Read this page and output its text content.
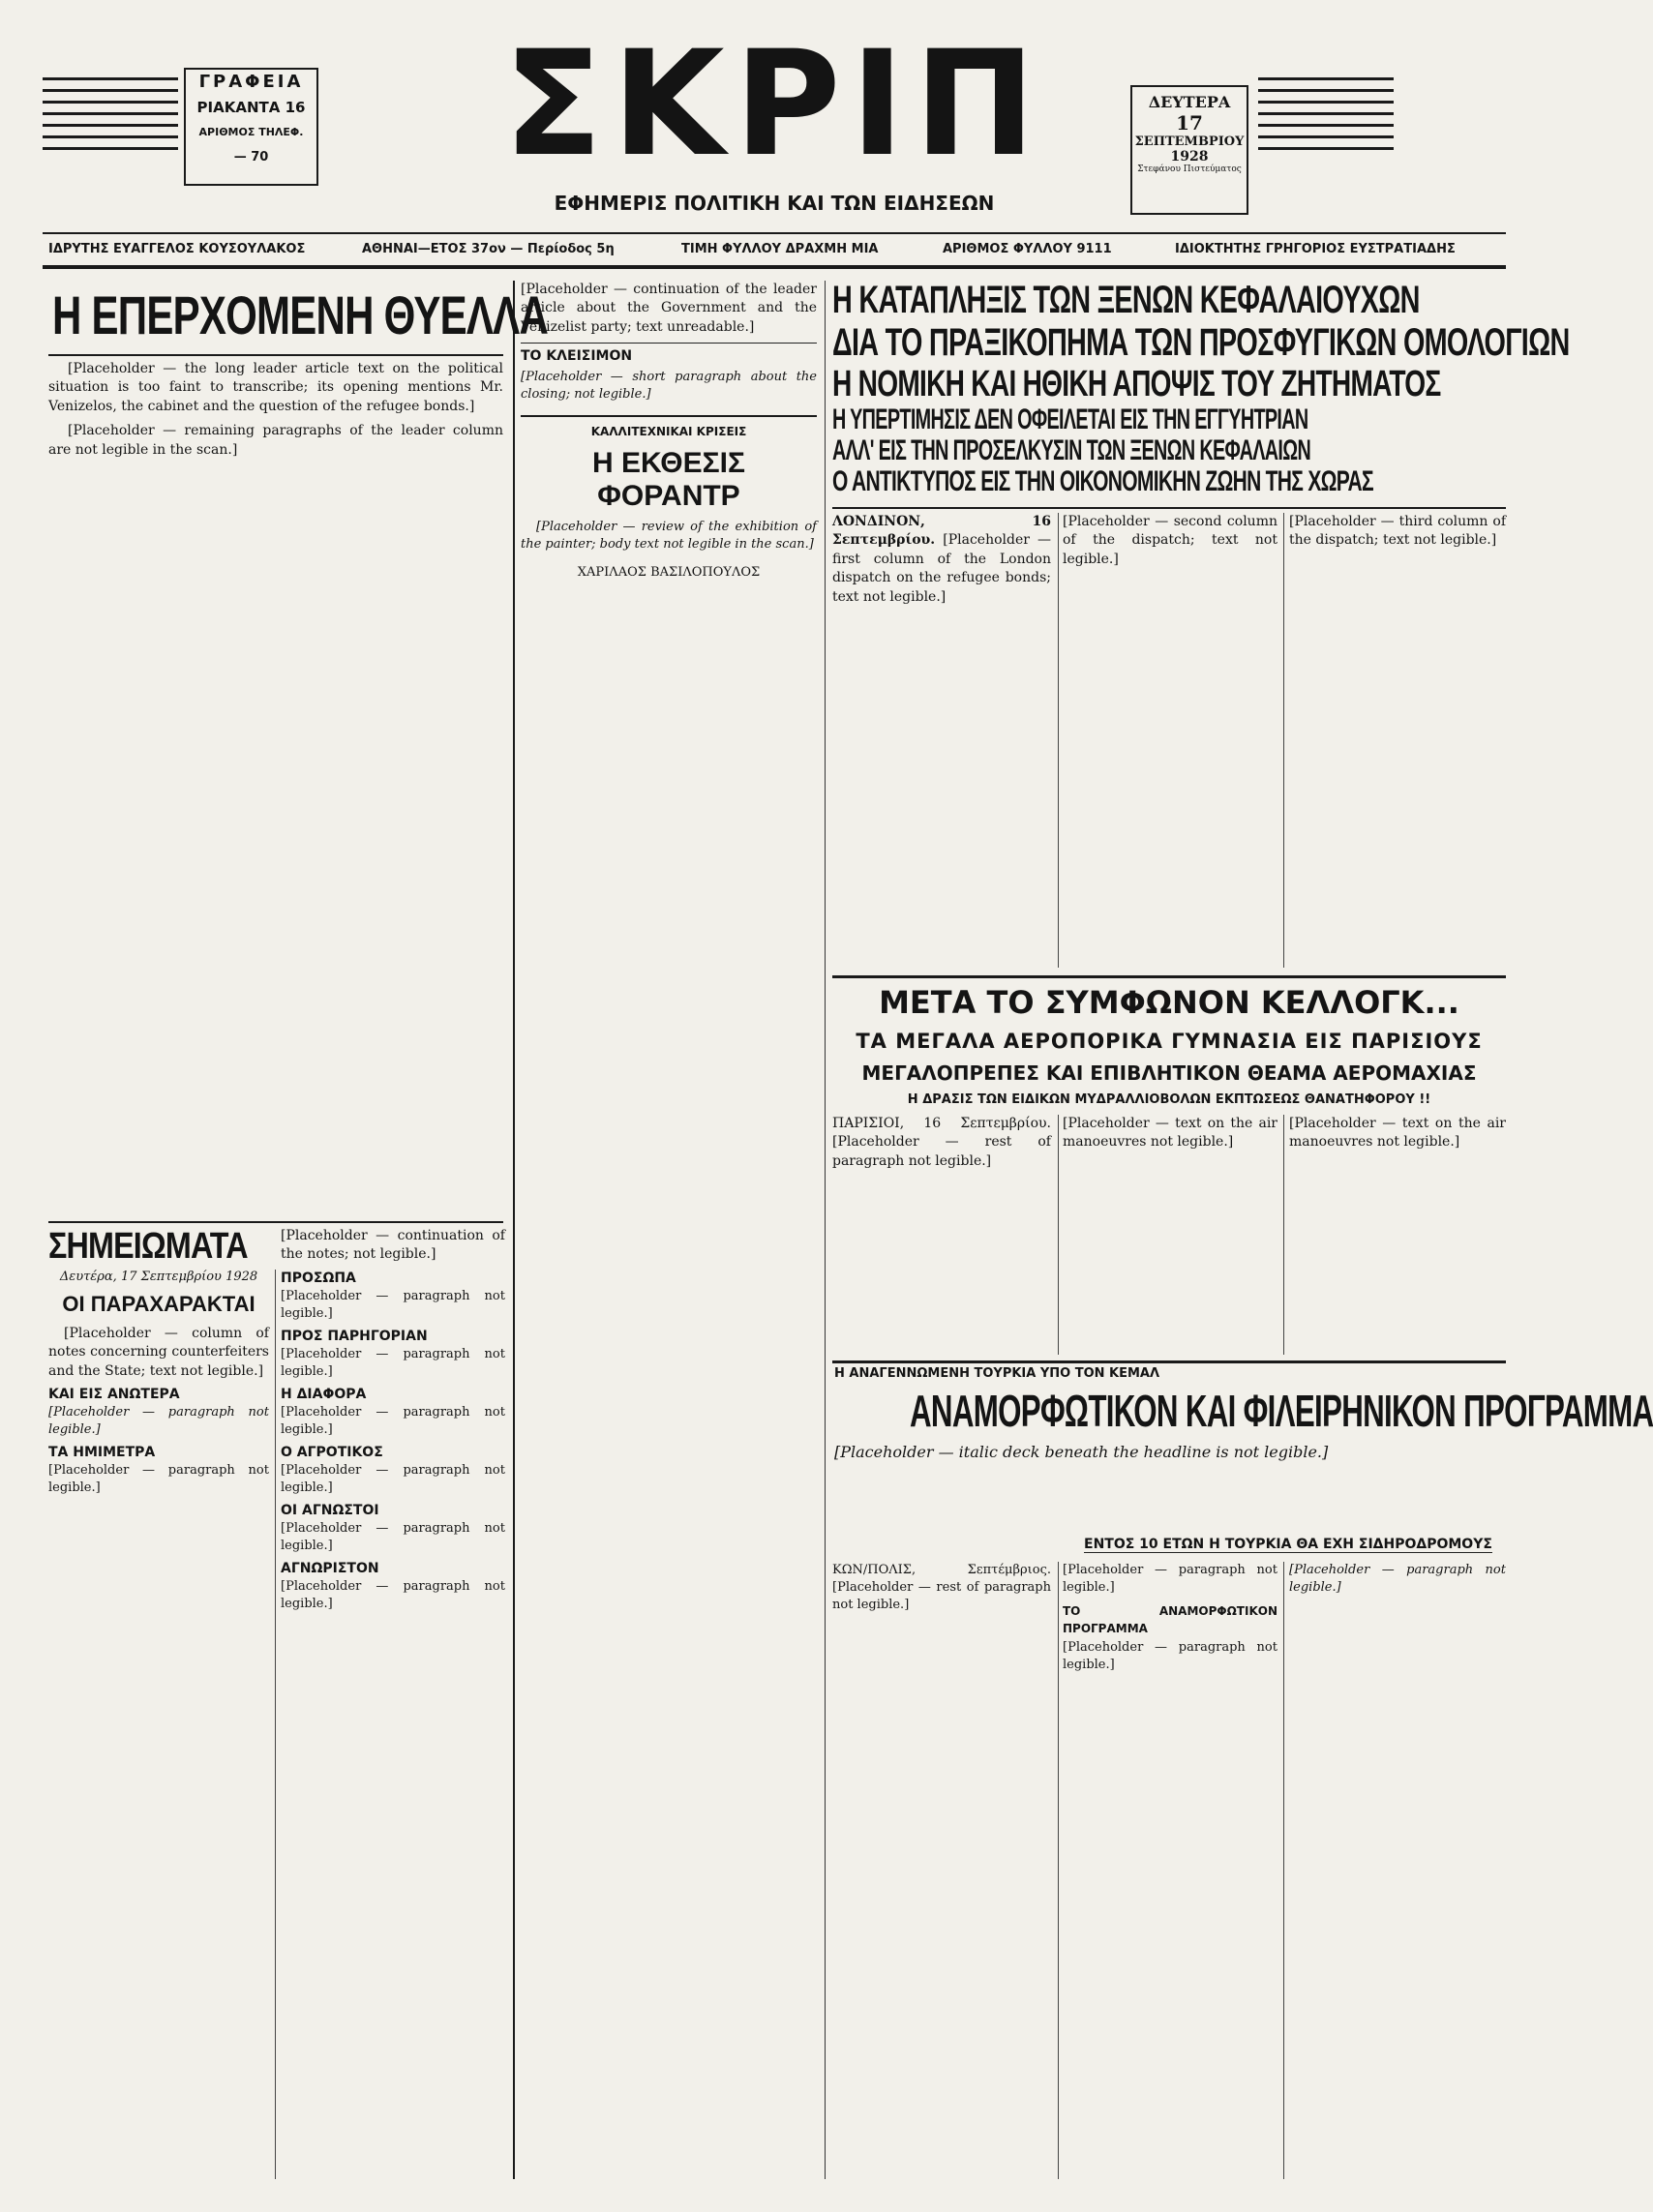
ΓΡΑΦΕΙΑ
ΡΙΑΚΑΝΤΑ 16
ΑΡΙΘΜΟΣ ΤΗΛΕΦ.
— 70	ΣΚΡΙΠ
ΕΦΗΜΕΡΙΣ ΠΟΛΙΤΙΚΗ ΚΑΙ ΤΩΝ ΕΙΔΗΣΕΩΝ
ΔΕΥΤΕΡΑ
17
ΣΕΠΤΕΜΒΡΙΟΥ
1928
Στεφάνου Πιστεύματος
ΙΔΡΥΤΗΣ ΕΥΑΓΓΕΛΟΣ ΚΟΥΣΟΥΛΑΚΟΣ	ΑΘΗΝΑΙ—ΕΤΟΣ 37ον — Περίοδος 5η	ΤΙΜΗ ΦΥΛΛΟΥ ΔΡΑΧΜΗ ΜΙΑ	ΑΡΙΘΜΟΣ ΦΥΛΛΟΥ 9111	ΙΔΙΟΚΤΗΤΗΣ ΓΡΗΓΟΡΙΟΣ ΕΥΣΤΡΑΤΙΑΔΗΣ
Η ΕΠΕΡΧΟΜΕΝΗ ΘΥΕΛΛΑ

[Placeholder — the long leader article text on the political situation is too faint to transcribe; its opening mentions Mr. Venizelos, the cabinet and the question of the refugee bonds.]

[Placeholder — remaining paragraphs of the leader column are not legible in the scan.]

ΣΗΜΕΙΩΜΑΤΑ
Δευτέρα, 17 Σεπτεμβρίου 1928
ΟΙ ΠΑΡΑΧΑΡΑΚΤΑΙ

[Placeholder — column of notes concerning counterfeiters and the State; text not legible.]

ΚΑΙ ΕΙΣ ΑΝΩΤΕΡΑ

[Placeholder — paragraph not legible.]

ΤΑ ΗΜΙΜΕΤΡΑ

[Placeholder — paragraph not legible.]

[Placeholder — continuation of the notes; not legible.]

ΠΡΟΣΩΠΑ

[Placeholder — paragraph not legible.]

ΠΡΟΣ ΠΑΡΗΓΟΡΙΑΝ

[Placeholder — paragraph not legible.]

Η ΔΙΑΦΟΡΑ

[Placeholder — paragraph not legible.]

Ο ΑΓΡΟΤΙΚΟΣ

[Placeholder — paragraph not legible.]

ΟΙ ΑΓΝΩΣΤΟΙ

[Placeholder — paragraph not legible.]

ΑΓΝΩΡΙΣΤΟΝ

[Placeholder — paragraph not legible.]

[Placeholder — continuation of the leader article about the Government and the Venizelist party; text unreadable.]

ΤΟ ΚΛΕΙΣΙΜΟΝ

[Placeholder — short paragraph about the closing; not legible.]

ΚΑΛΛΙΤΕΧΝΙΚΑΙ ΚΡΙΣΕΙΣ
Η ΕΚΘΕΣΙΣ ΦΟΡΑΝΤΡ

[Placeholder — review of the exhibition of the painter; body text not legible in the scan.]

ΧΑΡΙΛΑΟΣ ΒΑΣΙΛΟΠΟΥΛΟΣ
Η ΚΑΤΑΠΛΗΞΙΣ ΤΩΝ ΞΕΝΩΝ ΚΕΦΑΛΑΙΟΥΧΩΝ
ΔΙΑ ΤΟ ΠΡΑΞΙΚΟΠΗΜΑ ΤΩΝ ΠΡΟΣΦΥΓΙΚΩΝ ΟΜΟΛΟΓΙΩΝ
Η ΝΟΜΙΚΗ ΚΑΙ ΗΘΙΚΗ ΑΠΟΨΙΣ ΤΟΥ ΖΗΤΗΜΑΤΟΣ
Η ΥΠΕΡΤΙΜΗΣΙΣ ΔΕΝ ΟΦΕΙΛΕΤΑΙ ΕΙΣ ΤΗΝ ΕΓΓΥΗΤΡΙΑΝ
ΑΛΛ' ΕΙΣ ΤΗΝ ΠΡΟΣΕΛΚΥΣΙΝ ΤΩΝ ΞΕΝΩΝ ΚΕΦΑΛΑΙΩΝ
Ο ΑΝΤΙΚΤΥΠΟΣ ΕΙΣ ΤΗΝ ΟΙΚΟΝΟΜΙΚΗΝ ΖΩΗΝ ΤΗΣ ΧΩΡΑΣ
ΛΟΝΔΙΝΟΝ, 16 Σεπτεμβρίου. [Placeholder — first column of the London dispatch on the refugee bonds; text not legible.]
[Placeholder — second column of the dispatch; text not legible.]
[Placeholder — third column of the dispatch; text not legible.]
ΜΕΤΑ ΤΟ ΣΥΜΦΩΝΟΝ ΚΕΛΛΟΓΚ...
ΤΑ ΜΕΓΑΛΑ ΑΕΡΟΠΟΡΙΚΑ ΓΥΜΝΑΣΙΑ ΕΙΣ ΠΑΡΙΣΙΟΥΣ
ΜΕΓΑΛΟΠΡΕΠΕΣ ΚΑΙ ΕΠΙΒΛΗΤΙΚΟΝ ΘΕΑΜΑ ΑΕΡΟΜΑΧΙΑΣ
Η ΔΡΑΣΙΣ ΤΩΝ ΕΙΔΙΚΩΝ ΜΥΔΡΑΛΛΙΟΒΟΛΩΝ ΕΚΠΤΩΣΕΩΣ ΘΑΝΑΤΗΦΟΡΟΥ !!
ΠΑΡΙΣΙΟΙ, 16 Σεπτεμβρίου. [Placeholder — rest of paragraph not legible.]
[Placeholder — text on the air manoeuvres not legible.]
[Placeholder — text on the air manoeuvres not legible.]
Η ΑΝΑΓΕΝΝΩΜΕΝΗ ΤΟΥΡΚΙΑ ΥΠΟ ΤΟΝ ΚΕΜΑΛ
ΑΝΑΜΟΡΦΩΤΙΚΟΝ ΚΑΙ ΦΙΛΕΙΡΗΝΙΚΟΝ ΠΡΟΓΡΑΜΜΑ
[Placeholder — italic deck beneath the headline is not legible.]
ΕΝΤΟΣ 10 ΕΤΩΝ Η ΤΟΥΡΚΙΑ ΘΑ ΕΧΗ ΣΙΔΗΡΟΔΡΟΜΟΥΣ
ΚΩΝ/ΠΟΛΙΣ, Σεπτέμβριος. [Placeholder — rest of paragraph not legible.]

[Placeholder — paragraph not legible.]

ΤΟ ΑΝΑΜΟΡΦΩΤΙΚΟΝ ΠΡΟΓΡΑΜΜΑ

[Placeholder — paragraph not legible.]

[Placeholder — paragraph not legible.]
